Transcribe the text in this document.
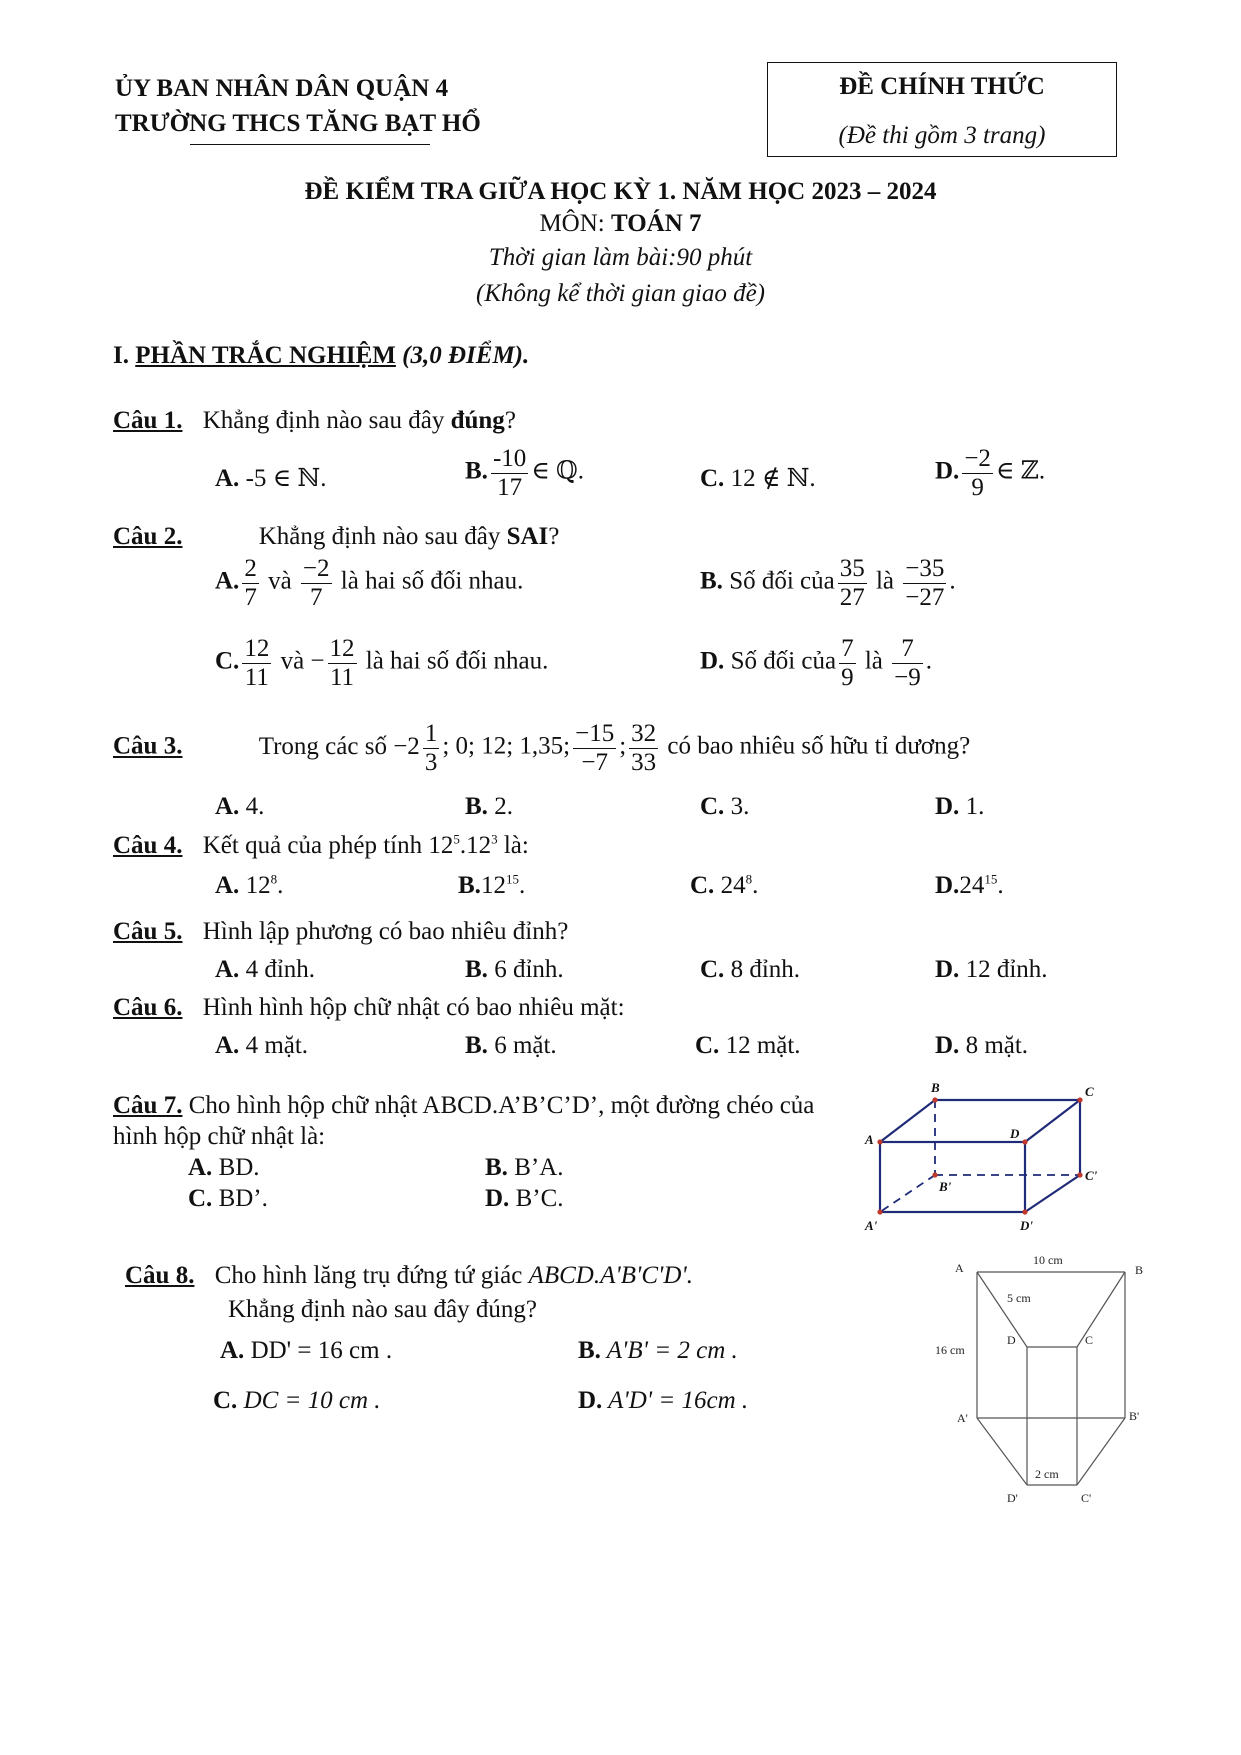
ỦY BAN NHÂN DÂN QUẬN 4
TRƯỜNG THCS TĂNG BẠT HỔ
ĐỀ CHÍNH THỨC
(Đề thi gồm 3 trang)
ĐỀ KIỂM TRA GIỮA HỌC KỲ 1. NĂM HỌC 2023 – 2024
MÔN: TOÁN 7
Thời gian làm bài:90 phút
(Không kể thời gian giao đề)
I. PHẦN TRẮC NGHIỆM (3,0 ĐIỂM).
Câu 1. Khẳng định nào sau đây đúng?
A. -5 ∈ ℕ.	B. $\frac{-10}{17}$ ∈ ℚ.	C. 12 ∉ ℕ.	D. $\frac{-2}{9}$ ∈ ℤ.
Câu 2.	Khẳng định nào sau đây SAI?
A. $\frac{2}{7}$ và $\frac{-2}{7}$ là hai số đối nhau.	B. Số đối của $\frac{35}{27}$ là $\frac{-35}{-27}$ .
C. $\frac{12}{11}$ và − $\frac{12}{11}$ là hai số đối nhau.	D. Số đối của $\frac{7}{9}$ là $\frac{7}{-9}$ .
Câu 3.	Trong các số $-2 \frac{1}{3}$ ; 0; 12; 1,35; $\frac{-15}{-7}$ ; $\frac{32}{33}$ có bao nhiêu số hữu tỉ dương?
A. 4.	B. 2.	C. 3.	D. 1.
Câu 4. Kết quả của phép tính $12^5.12^3$ là:
A. $12^8$.	$B.12^{15}$.	C. $24^8$.	$D.24^{15}$.
Câu 5. Hình lập phương có bao nhiêu đỉnh?
A. 4 đỉnh.	B. 6 đỉnh.	C. 8 đỉnh.	D. 12 đỉnh.
Câu 6. Hình hình hộp chữ nhật có bao nhiêu mặt:
A. 4 mặt.	B. 6 mặt.	C. 12 mặt.	D. 8 mặt.
Câu 7. Cho hình hộp chữ nhật ABCD.A’B’C’D’, một đường chéo của
hình hộp chữ nhật là:
A. BD.	B. B’A.
C. BD’.	D. B’C.
B	C
A	D
B'
C'
A'	D'
Câu 8. Cho hình lăng trụ đứng tứ giác ABCD.A'B'C'D'.
Khẳng định nào sau đây đúng?
A. DD' = 16 cm .	B. A'B' = 2 cm .
C. DC = 10 cm .	D. A'D' = 16cm .
A	B
C
D
A'	B'
C'
D'
10 cm
5 cm
16 cm
2 cm
